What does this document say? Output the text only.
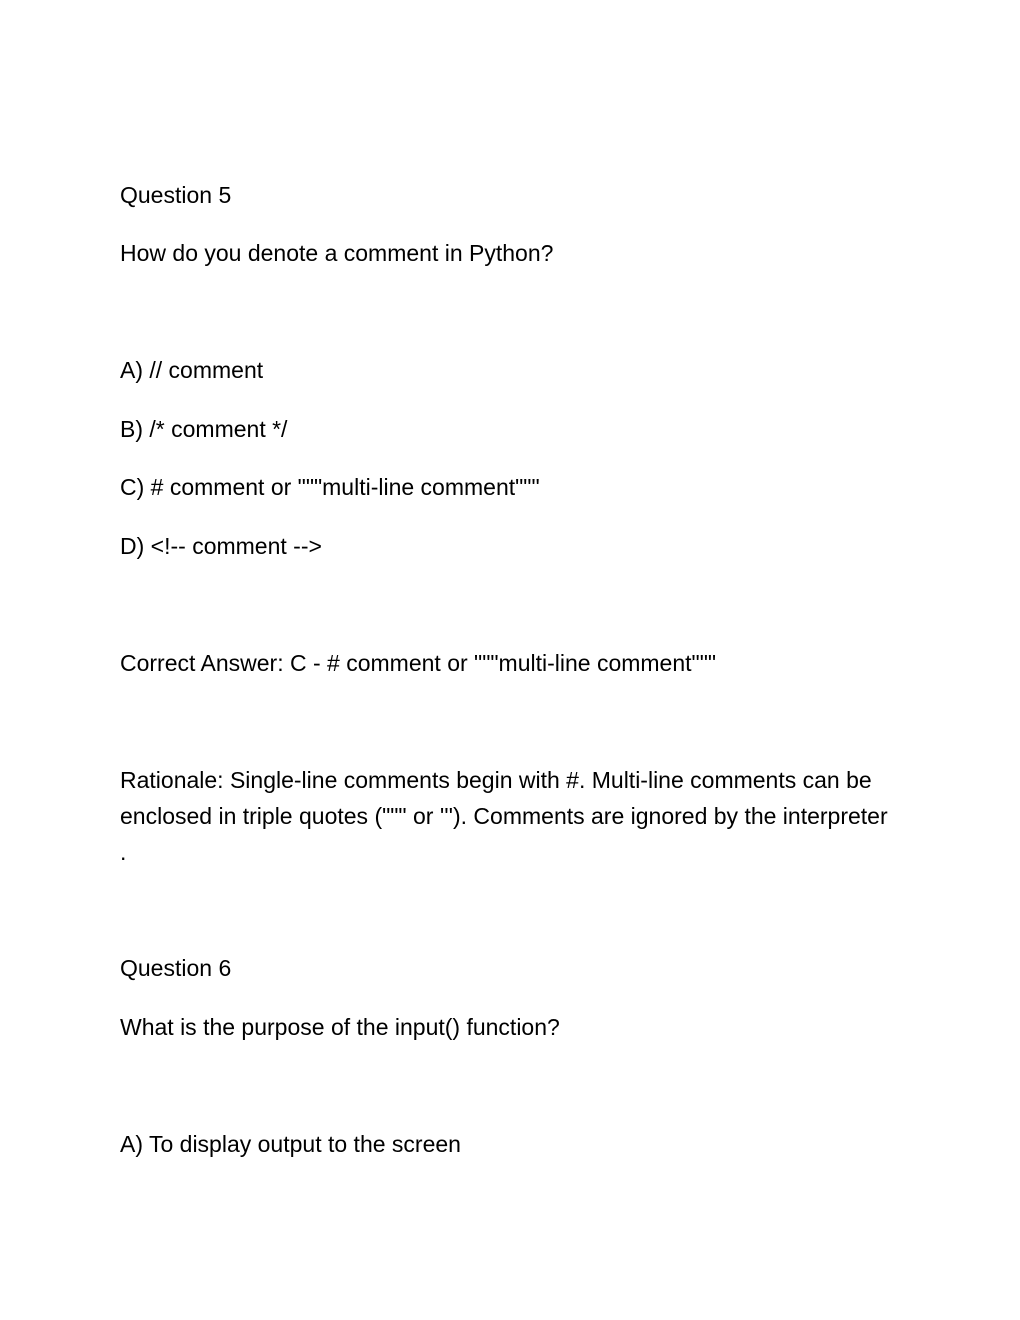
Question 5
How do you denote a comment in Python?
A) // comment
B) /* comment */
C) # comment or """multi-line comment"""
D) <!-- comment -->
Correct Answer: C - # comment or """multi-line comment"""
Rationale: Single-line comments begin with #. Multi-line comments can be enclosed in triple quotes (""" or '''). Comments are ignored by the interpreter .
Question 6
What is the purpose of the input() function?
A) To display output to the screen
